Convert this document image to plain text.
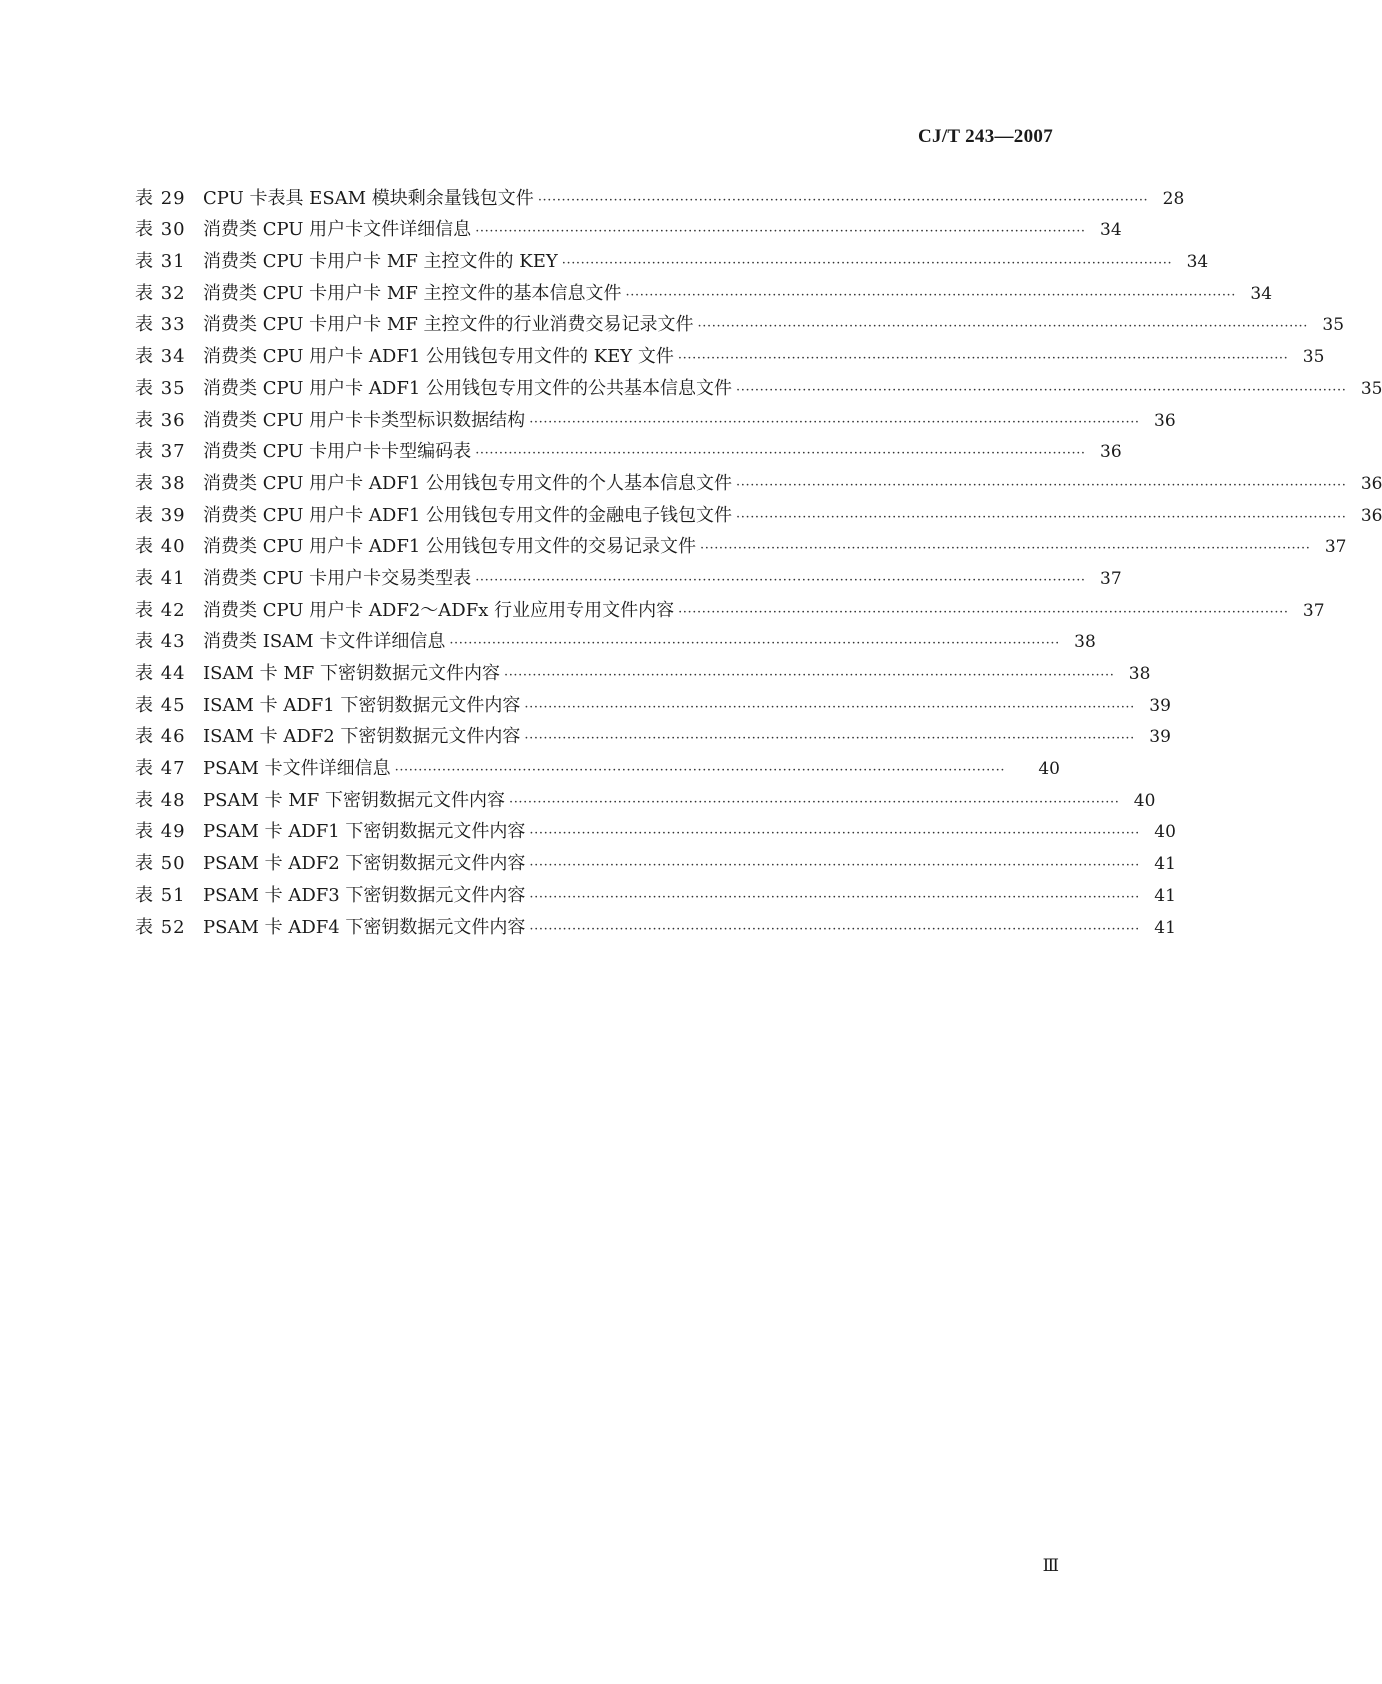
CJ/T 243—2007
表 29 CPU 卡表具 ESAM 模块剩余量钱包文件 ································································································································· 28
表 30 消费类 CPU 用户卡文件详细信息 ································································································································· 34
表 31 消费类 CPU 卡用户卡 MF 主控文件的 KEY ································································································································· 34
表 32 消费类 CPU 卡用户卡 MF 主控文件的基本信息文件 ································································································································· 34
表 33 消费类 CPU 卡用户卡 MF 主控文件的行业消费交易记录文件 ································································································································· 35
表 34 消费类 CPU 用户卡 ADF1 公用钱包专用文件的 KEY 文件 ································································································································· 35
表 35 消费类 CPU 用户卡 ADF1 公用钱包专用文件的公共基本信息文件 ································································································································· 35
表 36 消费类 CPU 用户卡卡类型标识数据结构 ································································································································· 36
表 37 消费类 CPU 卡用户卡卡型编码表 ································································································································· 36
表 38 消费类 CPU 用户卡 ADF1 公用钱包专用文件的个人基本信息文件 ································································································································· 36
表 39 消费类 CPU 用户卡 ADF1 公用钱包专用文件的金融电子钱包文件 ································································································································· 36
表 40 消费类 CPU 用户卡 ADF1 公用钱包专用文件的交易记录文件 ································································································································· 37
表 41 消费类 CPU 卡用户卡交易类型表 ································································································································· 37
表 42 消费类 CPU 用户卡 ADF2～ADFx 行业应用专用文件内容 ································································································································· 37
表 43 消费类 ISAM 卡文件详细信息 ································································································································· 38
表 44 ISAM 卡 MF 下密钥数据元文件内容 ································································································································· 38
表 45 ISAM 卡 ADF1 下密钥数据元文件内容 ································································································································· 39
表 46 ISAM 卡 ADF2 下密钥数据元文件内容 ································································································································· 39
表 47 PSAM 卡文件详细信息 ·································································································································	40
表 48 PSAM 卡 MF 下密钥数据元文件内容 ································································································································· 40
表 49 PSAM 卡 ADF1 下密钥数据元文件内容 ································································································································· 40
表 50 PSAM 卡 ADF2 下密钥数据元文件内容 ································································································································· 41
表 51 PSAM 卡 ADF3 下密钥数据元文件内容 ································································································································· 41
表 52 PSAM 卡 ADF4 下密钥数据元文件内容 ································································································································· 41
Ⅲ
